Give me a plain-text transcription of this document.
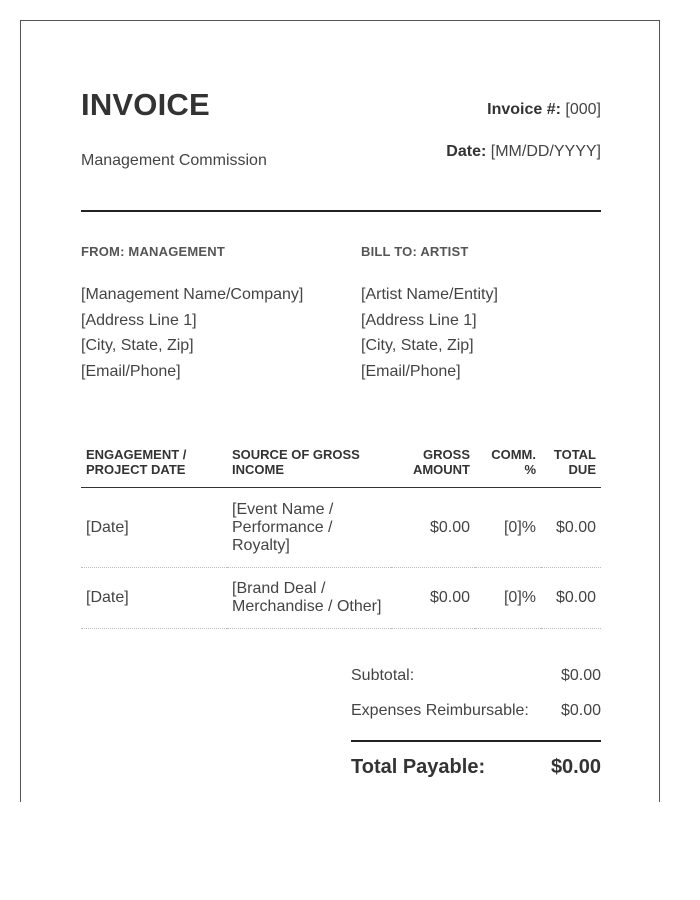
INVOICE
Management Commission
Invoice #: [000]
Date: [MM/DD/YYYY]
FROM: MANAGEMENT
[Management Name/Company]
[Address Line 1]
[City, State, Zip]
[Email/Phone]
BILL TO: ARTIST
[Artist Name/Entity]
[Address Line 1]
[City, State, Zip]
[Email/Phone]
ENGAGEMENT / PROJECT DATE	SOURCE OF GROSS INCOME	GROSS AMOUNT	COMM. %	TOTAL DUE
[Date]	[Event Name / Performance / Royalty]	$0.00	[0]%	$0.00
[Date]	[Brand Deal / Merchandise / Other]	$0.00	[0]%	$0.00
Subtotal:	$0.00
Expenses Reimbursable: $0.00
Total Payable:	$0.00
